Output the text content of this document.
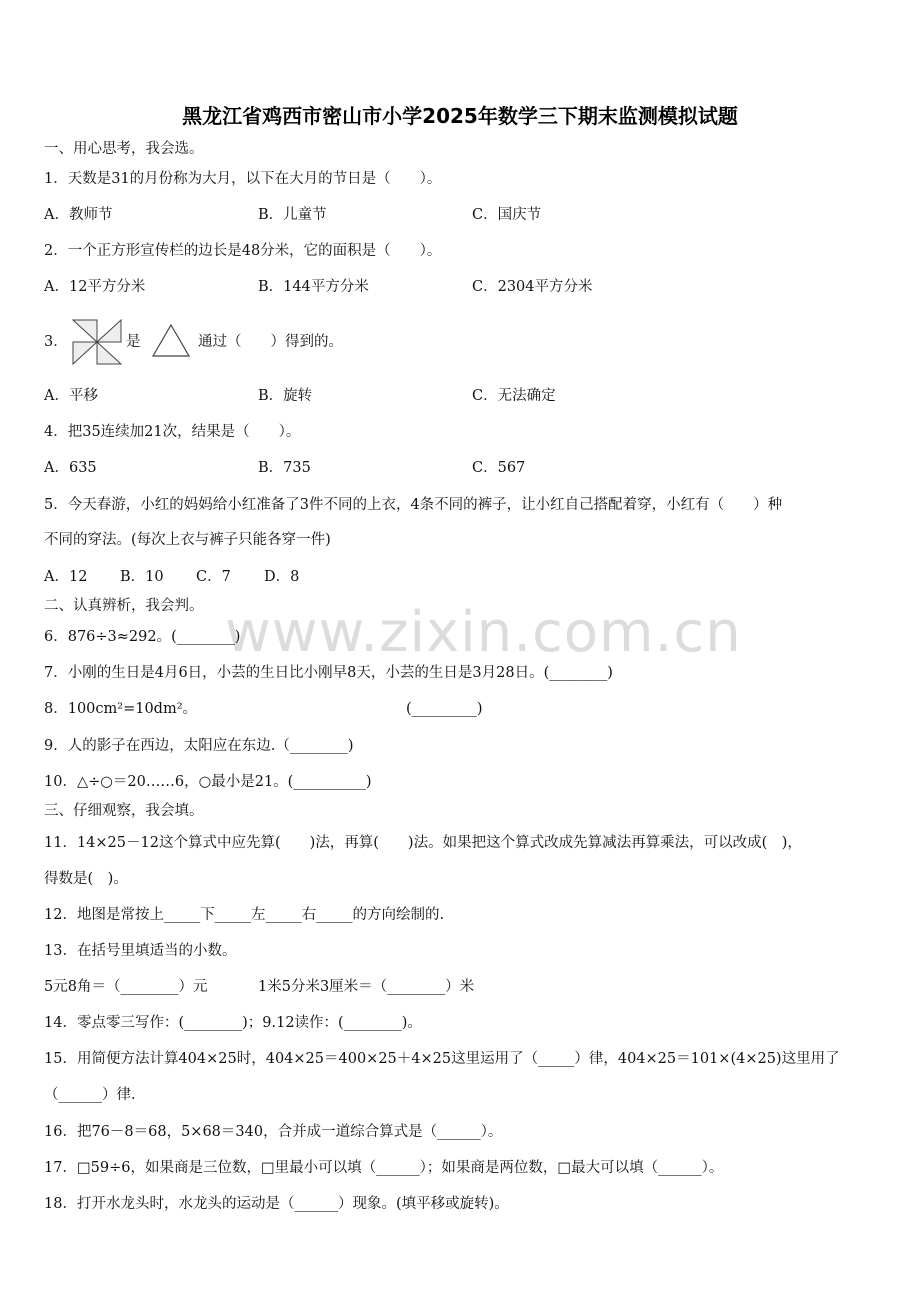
www.zixin.com.cn
黑龙江省鸡西市密山市小学2025年数学三下期末监测模拟试题
一、用心思考，我会选。
1．天数是31的月份称为大月，以下在大月的节日是（　　）。
A．教师节	B．儿童节	C．国庆节
2．一个正方形宣传栏的边长是48分米，它的面积是（　　）。
A．12平方分米	B．144平方分米	C．2304平方分米
3．	是	通过（　　）得到的。
A．平移	B．旋转	C．无法确定
4．把35连续加21次，结果是（　　）。
A．635	B．735	C．567
5．今天春游，小红的妈妈给小红准备了3件不同的上衣，4条不同的裤子，让小红自己搭配着穿，小红有（　　）种
不同的穿法。(每次上衣与裤子只能各穿一件)
A．12 B．10 C．7 D．8
二、认真辨析，我会判。
6．876÷3≈292。(________)
7．小刚的生日是4月6日，小芸的生日比小刚早8天，小芸的生日是3月28日。(________)
8．100cm²=10dm²。	(_________)
9．人的影子在西边，太阳应在东边.（________)
10．△÷○＝20……6，○最小是21。(__________)
三、仔细观察，我会填。
11．14×25－12这个算式中应先算(　　)法，再算(　　)法。如果把这个算式改成先算减法再算乘法，可以改成(　)，
得数是(　)。
12．地图是常按上_____下_____左_____右_____的方向绘制的.
13．在括号里填适当的小数。
5元8角＝（________）元	1米5分米3厘米＝（________）米
14．零点零三写作：(________)；9.12读作：(________)。
15．用简便方法计算404×25时，404×25＝400×25＋4×25这里运用了（_____）律，404×25＝101×(4×25)这里用了
（______）律.
16．把76－8＝68，5×68＝340，合并成一道综合算式是（______）。
17．□59÷6，如果商是三位数，□里最小可以填（______）；如果商是两位数，□最大可以填（______）。
18．打开水龙头时，水龙头的运动是（______）现象。(填平移或旋转)。
